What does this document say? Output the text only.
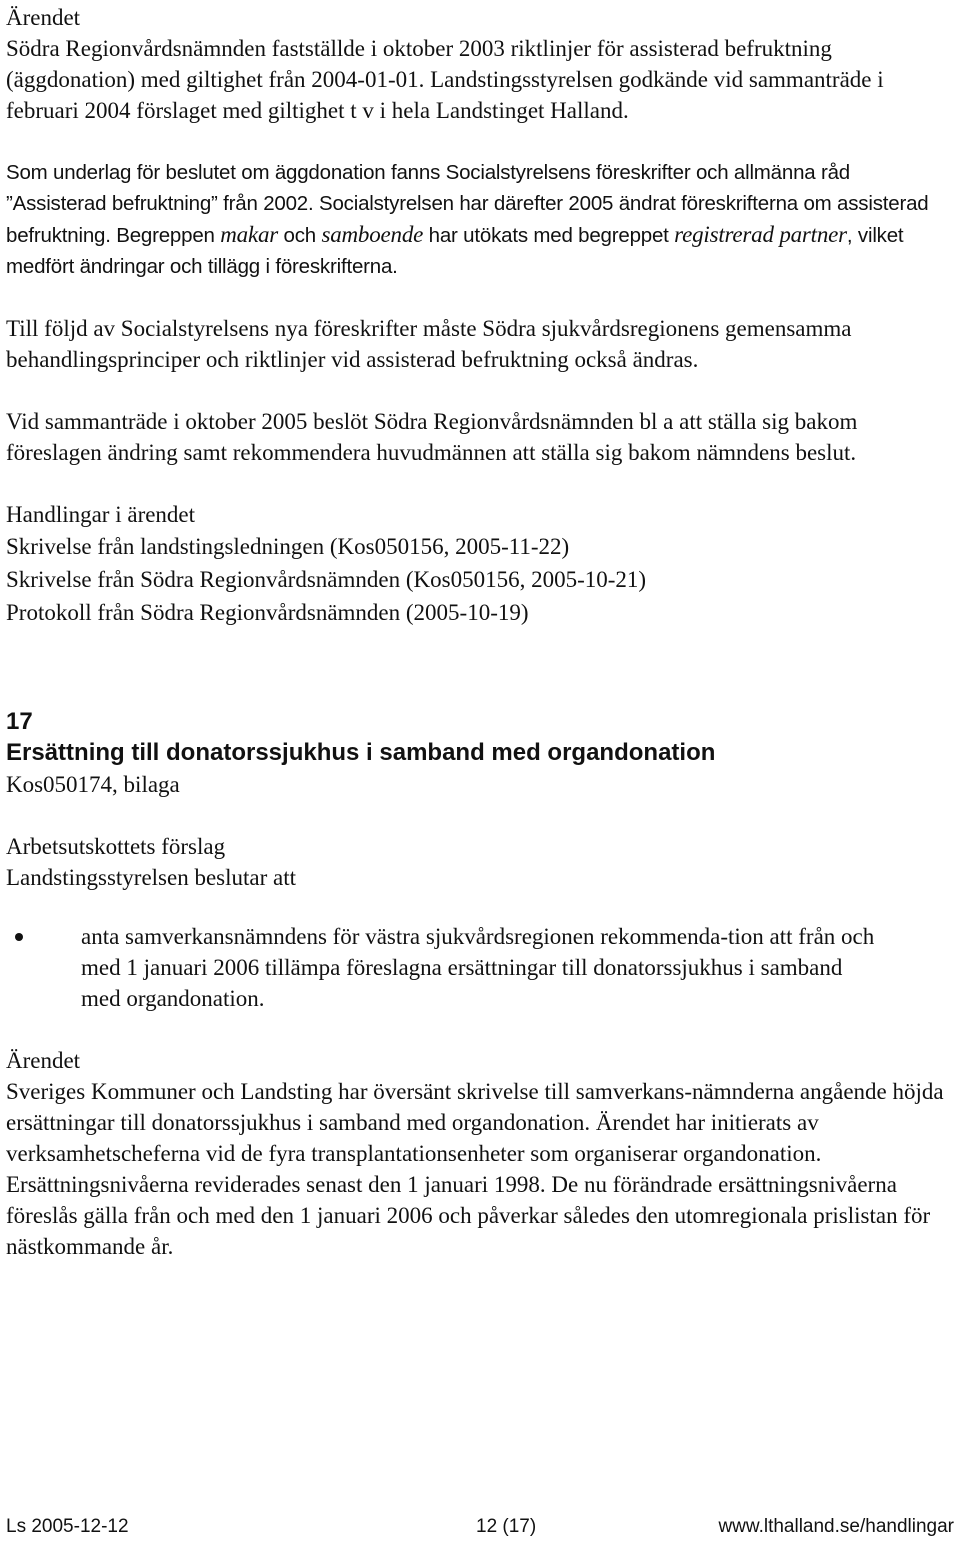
Ärendet

Södra Regionvårdsnämnden fastställde i oktober 2003 riktlinjer för assisterad befruktning (äggdonation) med giltighet från 2004-01-01. Landstingsstyrelsen godkände vid sammanträde i februari 2004 förslaget med giltighet t v i hela Landstinget Halland.

Som underlag för beslutet om äggdonation fanns Socialstyrelsens föreskrifter och allmänna råd ”Assisterad befruktning” från 2002. Socialstyrelsen har därefter 2005 ändrat föreskrifterna om assisterad befruktning. Begreppen makar och samboende har utökats med begreppet registrerad partner, vilket medfört ändringar och tillägg i föreskrifterna.

Till följd av Socialstyrelsens nya föreskrifter måste Södra sjukvårdsregionens gemensamma behandlingsprinciper och riktlinjer vid assisterad befruktning också ändras.

Vid sammanträde i oktober 2005 beslöt Södra Regionvårdsnämnden bl a att ställa sig bakom föreslagen ändring samt rekommendera huvudmännen att ställa sig bakom nämndens beslut.

Handlingar i ärendet
Skrivelse från landstingsledningen (Kos050156, 2005-11-22)
Skrivelse från Södra Regionvårdsnämnden (Kos050156, 2005-10-21)
Protokoll från Södra Regionvårdsnämnden (2005-10-19)
17
Ersättning till donatorssjukhus i samband med organdonation
Kos050174, bilaga
Arbetsutskottets förslag

Landstingsstyrelsen beslutar att

anta samverkansnämndens för västra sjukvårdsregionen rekommenda-tion att från och med 1 januari 2006 tillämpa föreslagna ersättningar till donatorssjukhus i samband med organdonation.
Ärendet

Sveriges Kommuner och Landsting har översänt skrivelse till samverkans-nämnderna angående höjda ersättningar till donatorssjukhus i samband med organdonation. Ärendet har initierats av verksamhetscheferna vid de fyra transplantationsenheter som organiserar organdonation. Ersättningsnivåerna reviderades senast den 1 januari 1998. De nu förändrade ersättningsnivåerna föreslås gälla från och med den 1 januari 2006 och påverkar således den utomregionala prislistan för nästkommande år.

Ls 2005-12-12	12 (17)	www.lthalland.se/handlingar
